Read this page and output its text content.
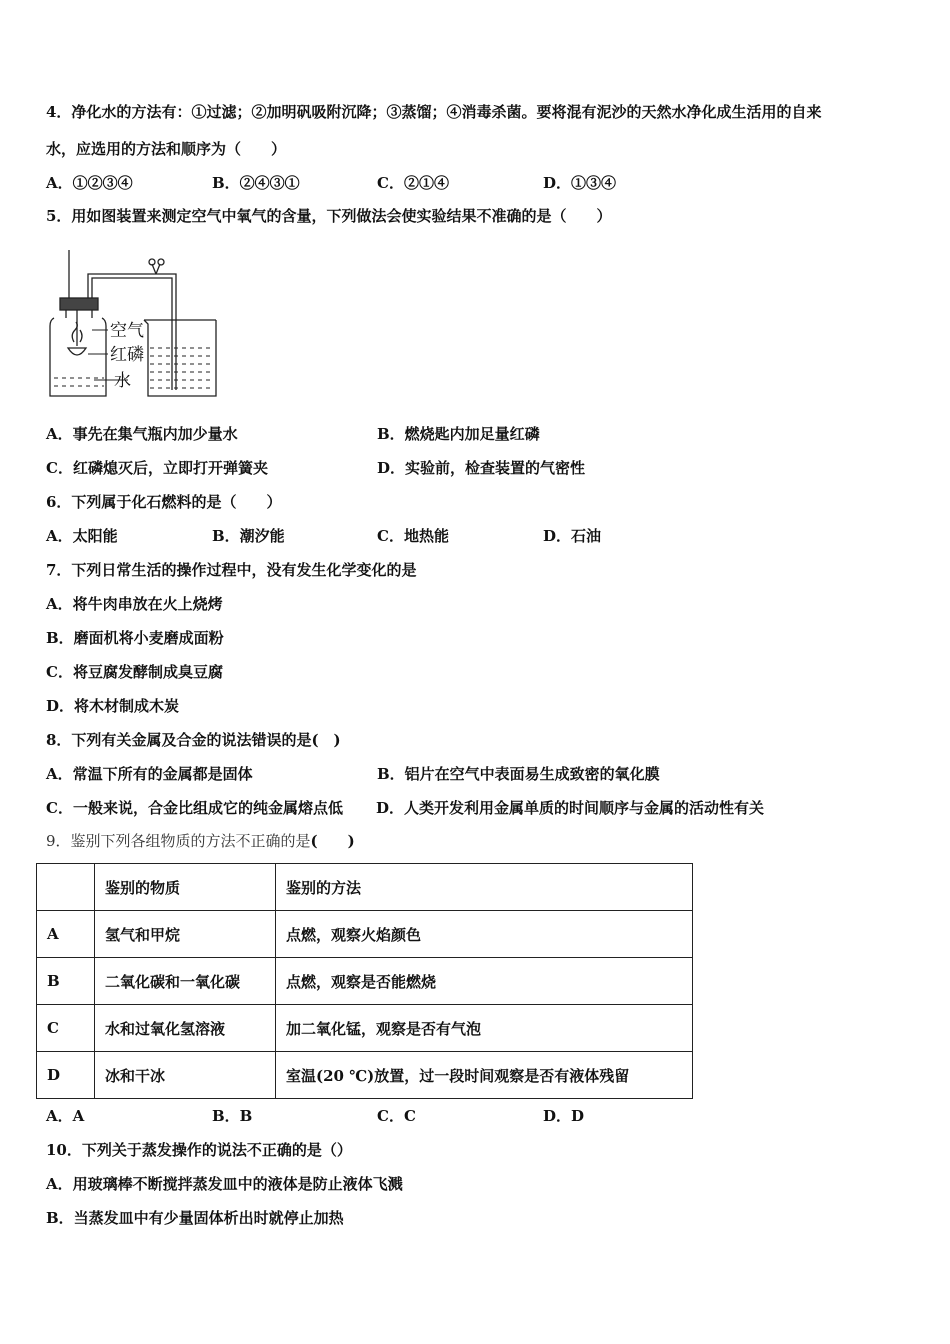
4．净化水的方法有：①过滤；②加明矾吸附沉降；③蒸馏；④消毒杀菌。要将混有泥沙的天然水净化成生活用的自来
水，应选用的方法和顺序为（　　）
A．①②③④	B．②④③①	C．②①④	D．①③④
5．用如图装置来测定空气中氧气的含量，下列做法会使实验结果不准确的是（　　）
空气
红磷
水
A．事先在集气瓶内加少量水	B．燃烧匙内加足量红磷
C．红磷熄灭后，立即打开弹簧夹	D．实验前，检查装置的气密性
6．下列属于化石燃料的是（　　）
A．太阳能	B．潮汐能	C．地热能	D．石油
7．下列日常生活的操作过程中，没有发生化学变化的是
A．将牛肉串放在火上烧烤
B．磨面机将小麦磨成面粉
C．将豆腐发酵制成臭豆腐
D．将木材制成木炭
8．下列有关金属及合金的说法错误的是(　)
A．常温下所有的金属都是固体	B．铝片在空气中表面易生成致密的氧化膜
C．一般来说，合金比组成它的纯金属熔点低 D．人类开发利用金属单质的时间顺序与金属的活动性有关
9．鉴别下列各组物质的方法不正确的是(　　)
	鉴别的物质	鉴别的方法
A	氢气和甲烷	点燃，观察火焰颜色
B	二氧化碳和一氧化碳	点燃，观察是否能燃烧
C	水和过氧化氢溶液	加二氧化锰，观察是否有气泡
D	冰和干冰	室温(20 ℃)放置，过一段时间观察是否有液体残留
A．A	B．B	C．C	D．D
10．下列关于蒸发操作的说法不正确的是（）
A．用玻璃棒不断搅拌蒸发皿中的液体是防止液体飞溅
B．当蒸发皿中有少量固体析出时就停止加热
